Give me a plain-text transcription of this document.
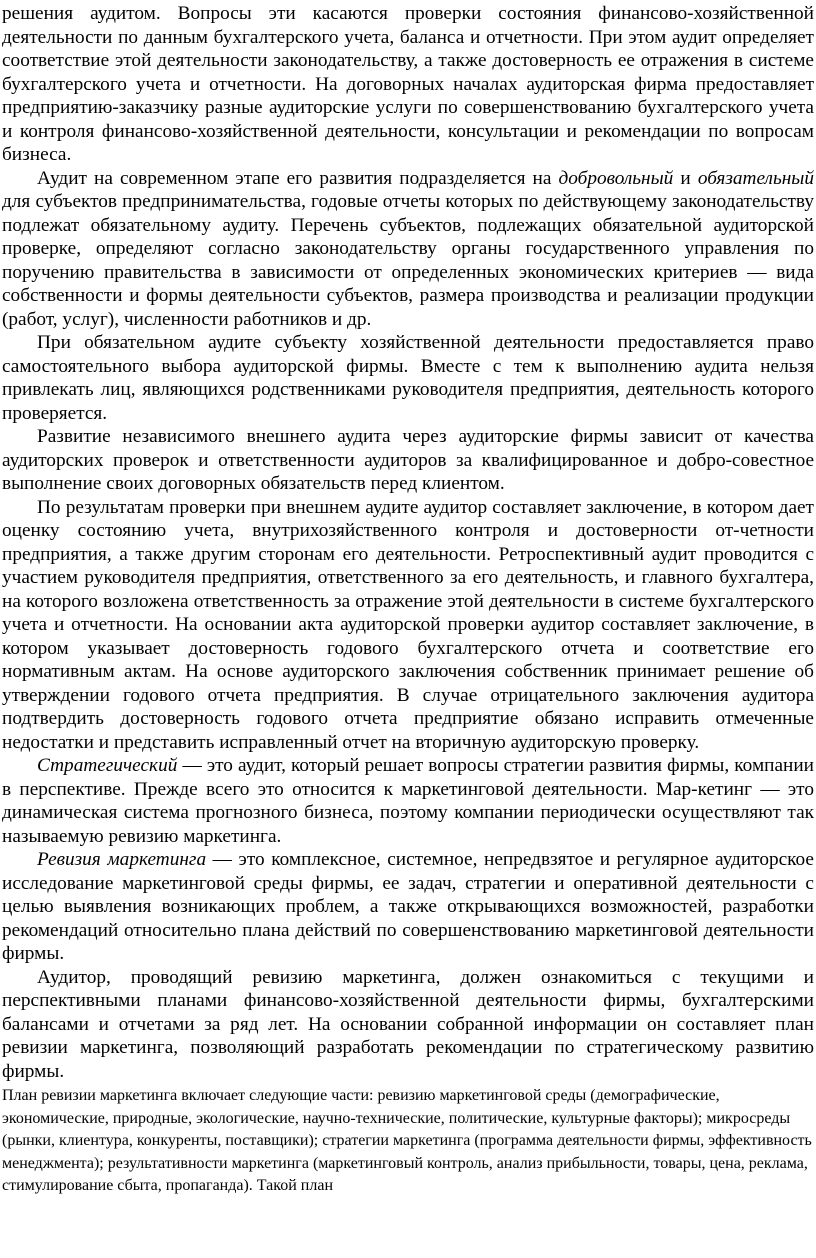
решения аудитом. Вопросы эти касаются проверки состояния финансово-хозяйственной деятельности по данным бухгалтерского учета, баланса и отчетности. При этом аудит определяет соответствие этой деятельности законодательству, а также достоверность ее отражения в системе бухгалтерского учета и отчетности. На договорных началах аудиторская фирма предоставляет предприятию-заказчику разные аудиторские услуги по совершенствованию бухгалтерского учета и контроля финансово-хозяйственной деятельности, консультации и рекомендации по вопросам бизнеса.

Аудит на современном этапе его развития подразделяется на добровольный и обязательный для субъектов предпринимательства, годовые отчеты которых по действующему законодательству подлежат обязательному аудиту. Перечень субъектов, подлежащих обязательной аудиторской проверке, определяют согласно законодательству органы государственного управления по поручению правительства в зависимости от определенных экономических критериев — вида собственности и формы деятельности субъектов, размера производства и реализации продукции (работ, услуг), численности работников и др.

При обязательном аудите субъекту хозяйственной деятельности предоставляется право самостоятельного выбора аудиторской фирмы. Вместе с тем к выполнению аудита нельзя привлекать лиц, являющихся родственниками руководителя предприятия, деятельность которого проверяется.

Развитие независимого внешнего аудита через аудиторские фирмы зависит от качества аудиторских проверок и ответственности аудиторов за квалифицированное и добро-совестное выполнение своих договорных обязательств перед клиентом.

По результатам проверки при внешнем аудите аудитор составляет заключение, в котором дает оценку состоянию учета, внутрихозяйственного контроля и достоверности от-четности предприятия, а также другим сторонам его деятельности. Ретроспективный аудит проводится с участием руководителя предприятия, ответственного за его деятельность, и главного бухгалтера, на которого возложена ответственность за отражение этой деятельности в системе бухгалтерского учета и отчетности. На основании акта аудиторской проверки аудитор составляет заключение, в котором указывает достоверность годового бухгалтерского отчета и соответствие его нормативным актам. На основе аудиторского заключения собственник принимает решение об утверждении годового отчета предприятия. В случае отрицательного заключения аудитора подтвердить достоверность годового отчета предприятие обязано исправить отмеченные недостатки и представить исправленный отчет на вторичную аудиторскую проверку.

Стратегический — это аудит, который решает вопросы стратегии развития фирмы, компании в перспективе. Прежде всего это относится к маркетинговой деятельности. Мар-кетинг — это динамическая система прогнозного бизнеса, поэтому компании периодически осуществляют так называемую ревизию маркетинга.

Ревизия маркетинга — это комплексное, системное, непредвзятое и регулярное аудиторское исследование маркетинговой среды фирмы, ее задач, стратегии и оперативной деятельности с целью выявления возникающих проблем, а также открывающихся возможностей, разработки рекомендаций относительно плана действий по совершенствованию маркетинговой деятельности фирмы.

Аудитор, проводящий ревизию маркетинга, должен ознакомиться с текущими и перспективными планами финансово-хозяйственной деятельности фирмы, бухгалтерскими балансами и отчетами за ряд лет. На основании собранной информации он составляет план ревизии маркетинга, позволяющий разработать рекомендации по стратегическому развитию фирмы.

План ревизии маркетинга включает следующие части: ревизию маркетинговой среды (демографические, экономические, природные, экологические, научно-технические, политические, культурные факторы); микросреды (рынки, клиентура, конкуренты, поставщики); стратегии маркетинга (программа деятельности фирмы, эффективность менеджмента); результативности маркетинга (маркетинговый контроль, анализ прибыльности, товары, цена, реклама, стимулирование сбыта, пропаганда). Такой план
